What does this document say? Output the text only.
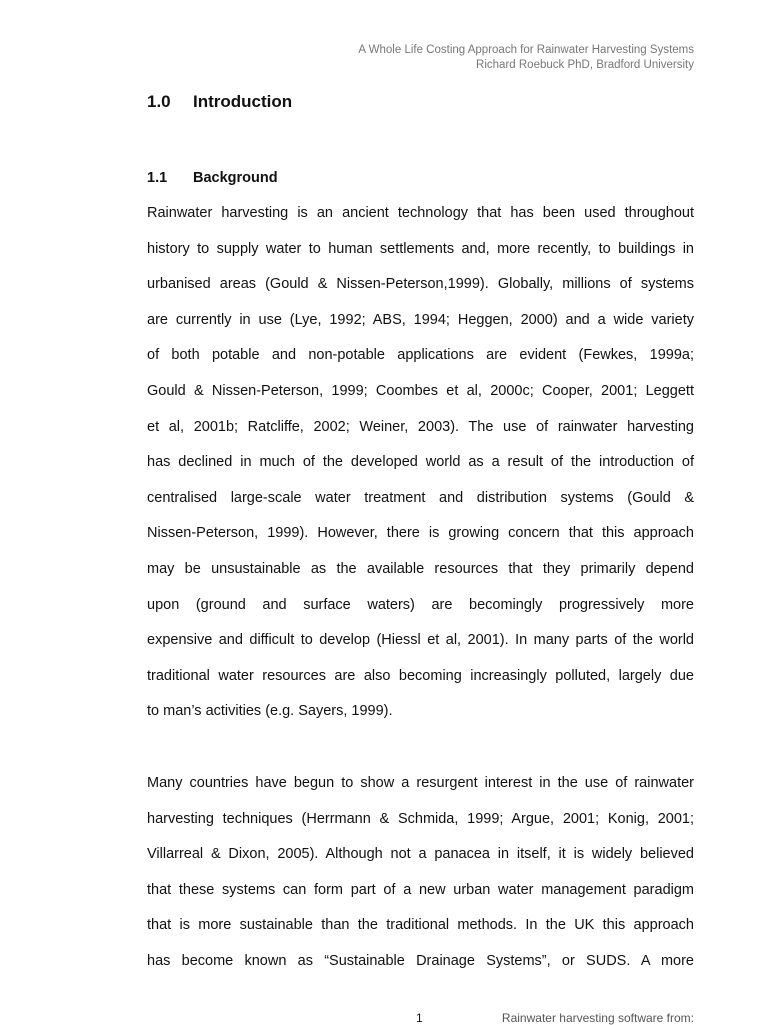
A Whole Life Costing Approach for Rainwater Harvesting Systems
Richard Roebuck PhD, Bradford University
1.0 Introduction
1.1 Background
Rainwater harvesting is an ancient technology that has been used throughout
history to supply water to human settlements and, more recently, to buildings in
urbanised areas (Gould & Nissen-Peterson,1999). Globally, millions of systems
are currently in use (Lye, 1992; ABS, 1994; Heggen, 2000) and a wide variety
of both potable and non-potable applications are evident (Fewkes, 1999a;
Gould & Nissen-Peterson, 1999; Coombes et al, 2000c; Cooper, 2001; Leggett
et al, 2001b; Ratcliffe, 2002; Weiner, 2003). The use of rainwater harvesting
has declined in much of the developed world as a result of the introduction of
centralised large-scale water treatment and distribution systems (Gould &
Nissen-Peterson, 1999). However, there is growing concern that this approach
may be unsustainable as the available resources that they primarily depend
upon (ground and surface waters) are becomingly progressively more
expensive and difficult to develop (Hiessl et al, 2001). In many parts of the world
traditional water resources are also becoming increasingly polluted, largely due
to man’s activities (e.g. Sayers, 1999).
Many countries have begun to show a resurgent interest in the use of rainwater
harvesting techniques (Herrmann & Schmida, 1999; Argue, 2001; Konig, 2001;
Villarreal & Dixon, 2005). Although not a panacea in itself, it is widely believed
that these systems can form part of a new urban water management paradigm
that is more sustainable than the traditional methods. In the UK this approach
has become known as “Sustainable Drainage Systems”, or SUDS. A more
1	Rainwater harvesting software from:
